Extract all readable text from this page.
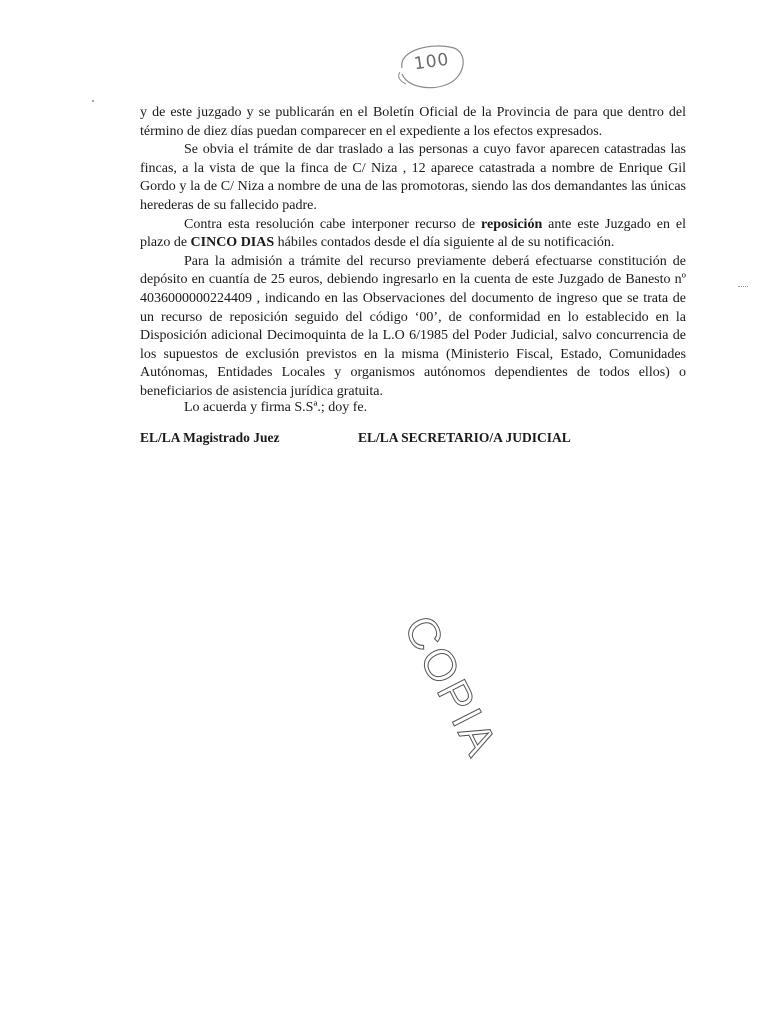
100

y de este juzgado y se publicarán en el Boletín Oficial de la Provincia de para que dentro del término de diez días puedan comparecer en el expediente a los efectos expresados.

Se obvia el trámite de dar traslado a las personas a cuyo favor aparecen catastradas las fincas, a la vista de que la finca de C/ Niza , 12 aparece catastrada a nombre de Enrique Gil Gordo y la de C/ Niza a nombre de una de las promotoras, siendo las dos demandantes las únicas herederas de su fallecido padre.

Contra esta resolución cabe interponer recurso de reposición ante este Juzgado en el plazo de CINCO DIAS hábiles contados desde el día siguiente al de su notificación.

Para la admisión a trámite del recurso previamente deberá efectuarse constitución de depósito en cuantía de 25 euros, debiendo ingresarlo en la cuenta de este Juzgado de Banesto nº 4036000000224409 , indicando en las Observaciones del documento de ingreso que se trata de un recurso de reposición seguido del código ‘00’, de conformidad en lo establecido en la Disposición adicional Decimoquinta de la L.O 6/1985 del Poder Judicial, salvo concurrencia de los supuestos de exclusión previstos en la misma (Ministerio Fiscal, Estado, Comunidades Autónomas, Entidades Locales y organismos autónomos dependientes de todos ellos) o beneficiarios de asistencia jurídica gratuita.

Lo acuerda y firma S.Sª.; doy fe.
EL/LA Magistrado Juez	EL/LA SECRETARIO/A JUDICIAL
COPIA
